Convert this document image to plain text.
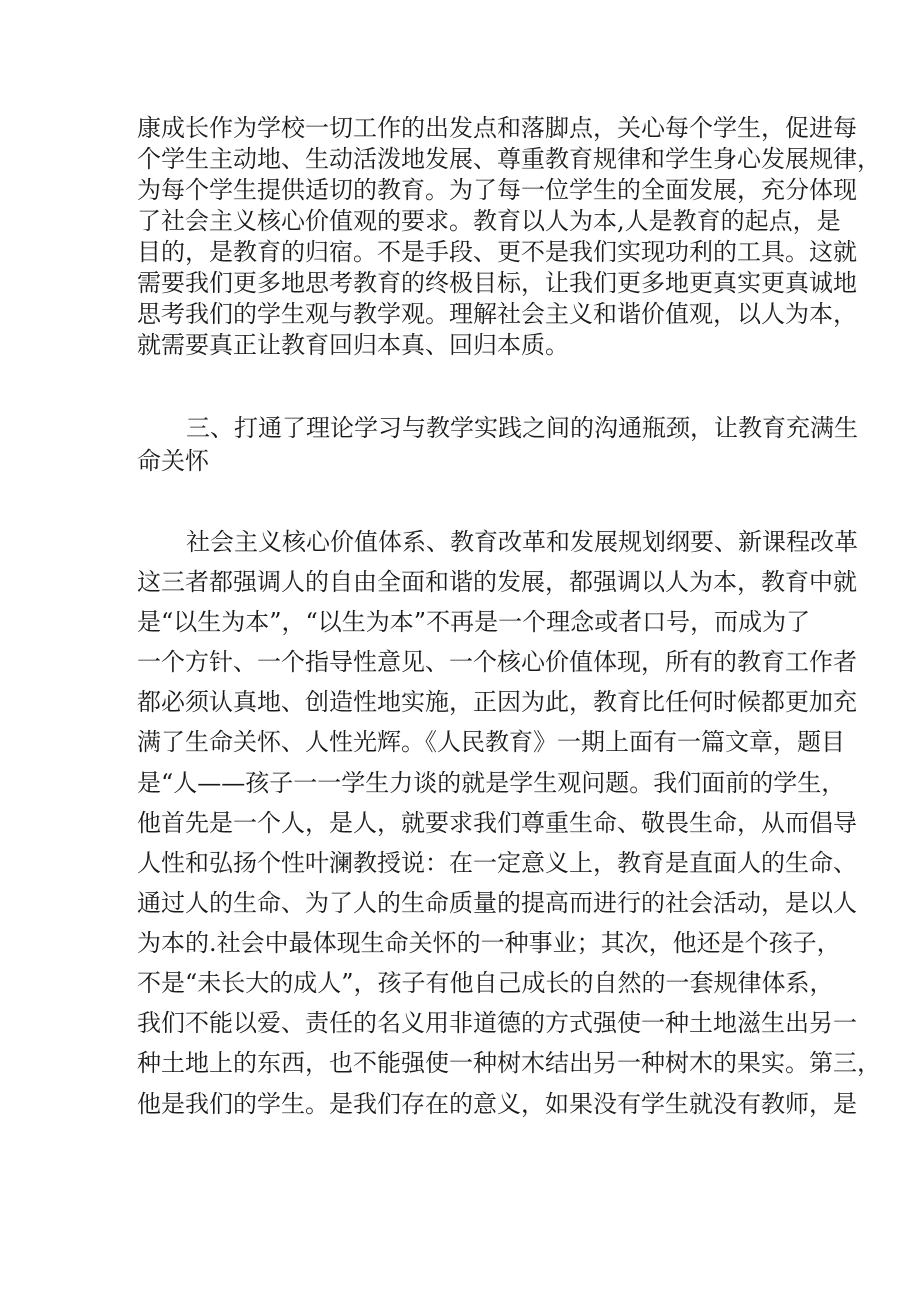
康成长作为学校一切工作的出发点和落脚点，关心每个学生，促进每
个学生主动地、生动活泼地发展、尊重教育规律和学生身心发展规律，
为每个学生提供适切的教育。为了每一位学生的全面发展，充分体现
了社会主义核心价值观的要求。教育以人为本,人是教育的起点，是
目的，是教育的归宿。不是手段、更不是我们实现功利的工具。这就
需要我们更多地思考教育的终极目标，让我们更多地更真实更真诚地
思考我们的学生观与教学观。理解社会主义和谐价值观，以人为本，
就需要真正让教育回归本真、回归本质。
三、打通了理论学习与教学实践之间的沟通瓶颈，让教育充满生
命关怀
社会主义核心价值体系、教育改革和发展规划纲要、新课程改革
这三者都强调人的自由全面和谐的发展，都强调以人为本，教育中就
是“以生为本”，“以生为本”不再是一个理念或者口号，而成为了
一个方针、一个指导性意见、一个核心价值体现，所有的教育工作者
都必须认真地、创造性地实施，正因为此，教育比任何时候都更加充
满了生命关怀、人性光辉。《人民教育》一期上面有一篇文章，题目
是“人——孩子一一学生力谈的就是学生观问题。我们面前的学生，
他首先是一个人，是人，就要求我们尊重生命、敬畏生命，从而倡导
人性和弘扬个性叶澜教授说：在一定意义上，教育是直面人的生命、
通过人的生命、为了人的生命质量的提高而进行的社会活动，是以人
为本的.社会中最体现生命关怀的一种事业；其次，他还是个孩子，
不是“未长大的成人”，孩子有他自己成长的自然的一套规律体系，
我们不能以爱、责任的名义用非道德的方式强使一种土地滋生出另一
种土地上的东西，也不能强使一种树木结出另一种树木的果实。第三，
他是我们的学生。是我们存在的意义，如果没有学生就没有教师，是
